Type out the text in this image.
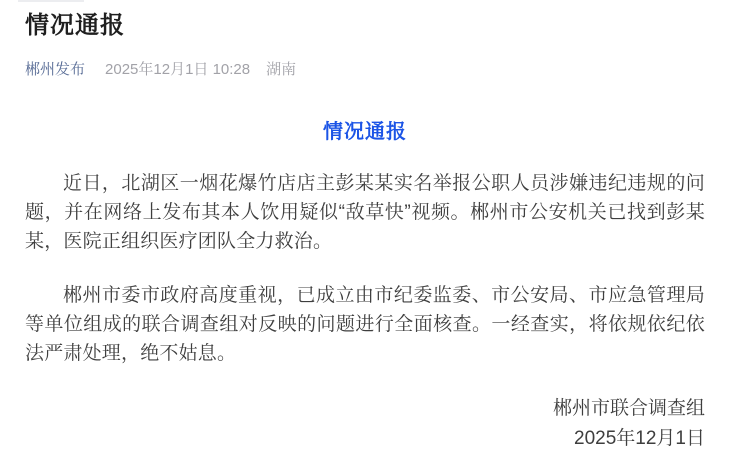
情况通报
郴州发布 2025年12月1日 10:28 湖南
情况通报

近日，北湖区一烟花爆竹店店主彭某某实名举报公职人员涉嫌违纪违规的问题，并在网络上发布其本人饮用疑似“敌草快”视频。郴州市公安机关已找到彭某某，医院正组织医疗团队全力救治。

郴州市委市政府高度重视，已成立由市纪委监委、市公安局、市应急管理局等单位组成的联合调查组对反映的问题进行全面核查。一经查实，将依规依纪依法严肃处理，绝不姑息。

郴州市联合调查组
2025年12月1日
